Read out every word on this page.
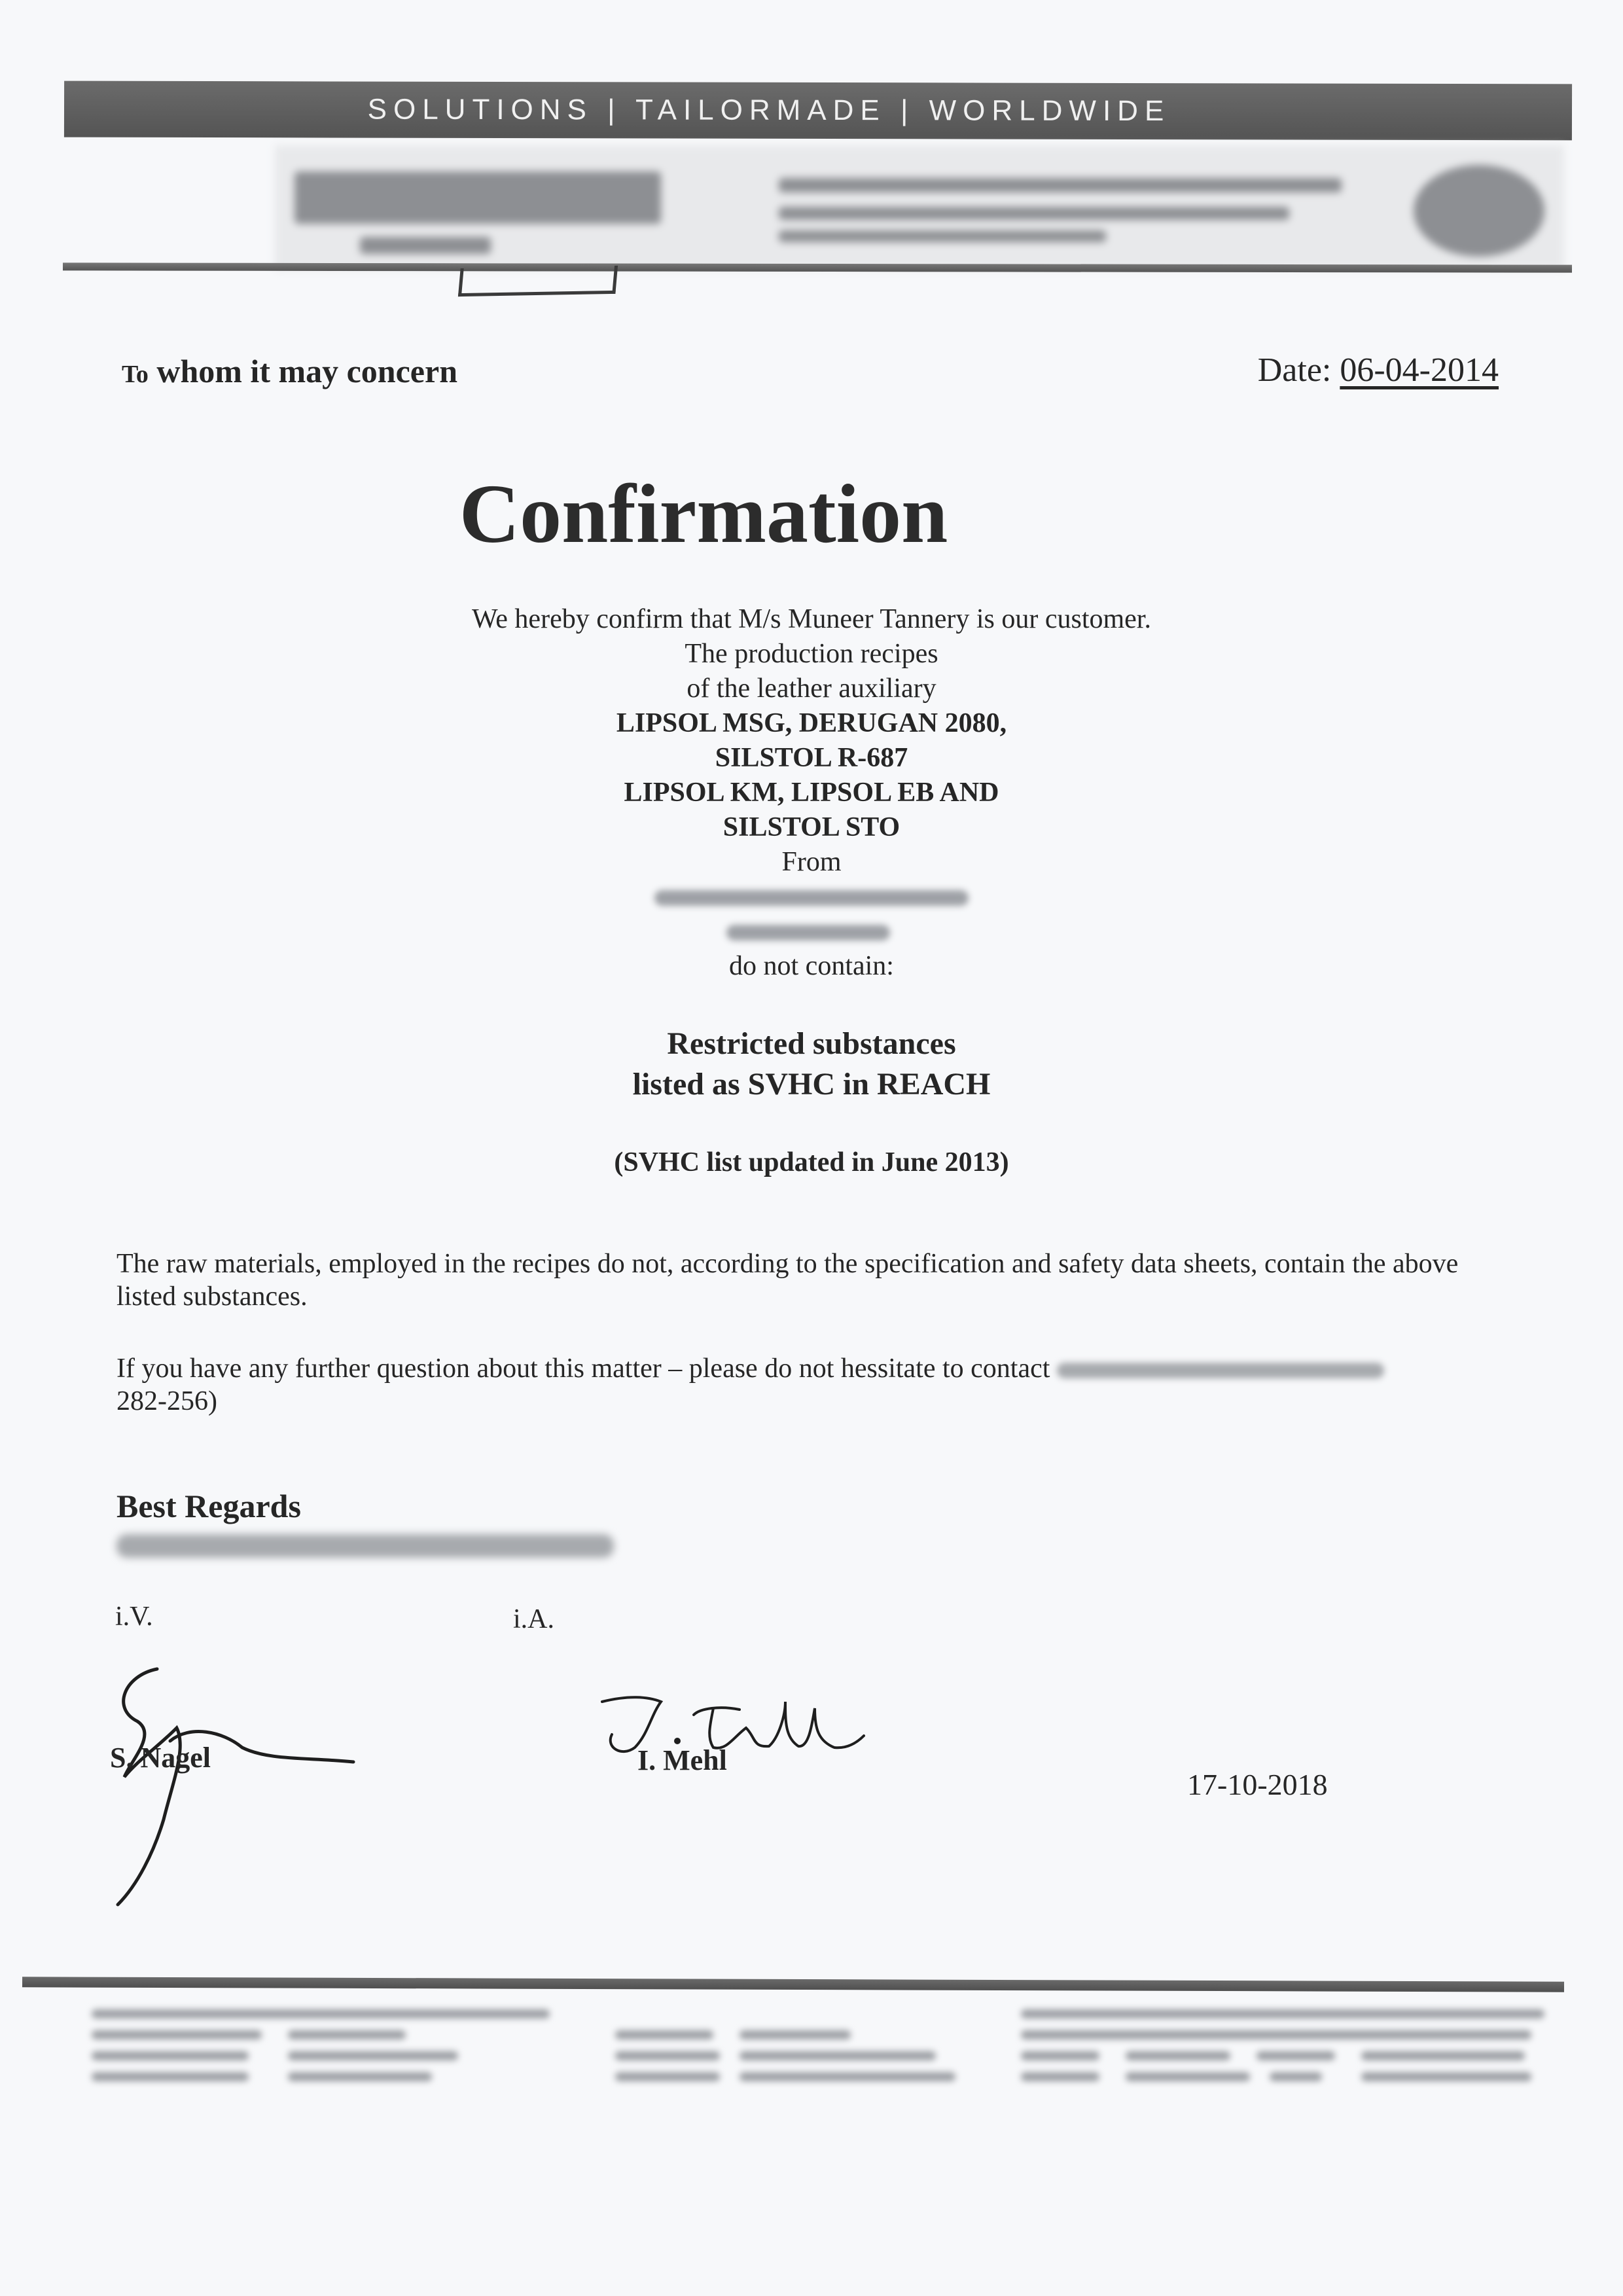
SOLUTIONS | TAILORMADE | WORLDWIDE
To whom it may concern	Date: 06-04-2014
Confirmation
We hereby confirm that M/s Muneer Tannery is our customer.
The production recipes
of the leather auxiliary
LIPSOL MSG, DERUGAN 2080,
SILSTOL R-687
LIPSOL KM, LIPSOL EB AND
SILSTOL STO
From
do not contain:
Restricted substances
listed as SVHC in REACH
(SVHC list updated in June 2013)
The raw materials, employed in the recipes do not, according to the specification and safety data sheets, contain the above listed substances.
If you have any further question about this matter – please do not hessitate to contact
282-256)
Best Regards
i.V.	i.A.
S. Nagel	I. Mehl
17-10-2018
